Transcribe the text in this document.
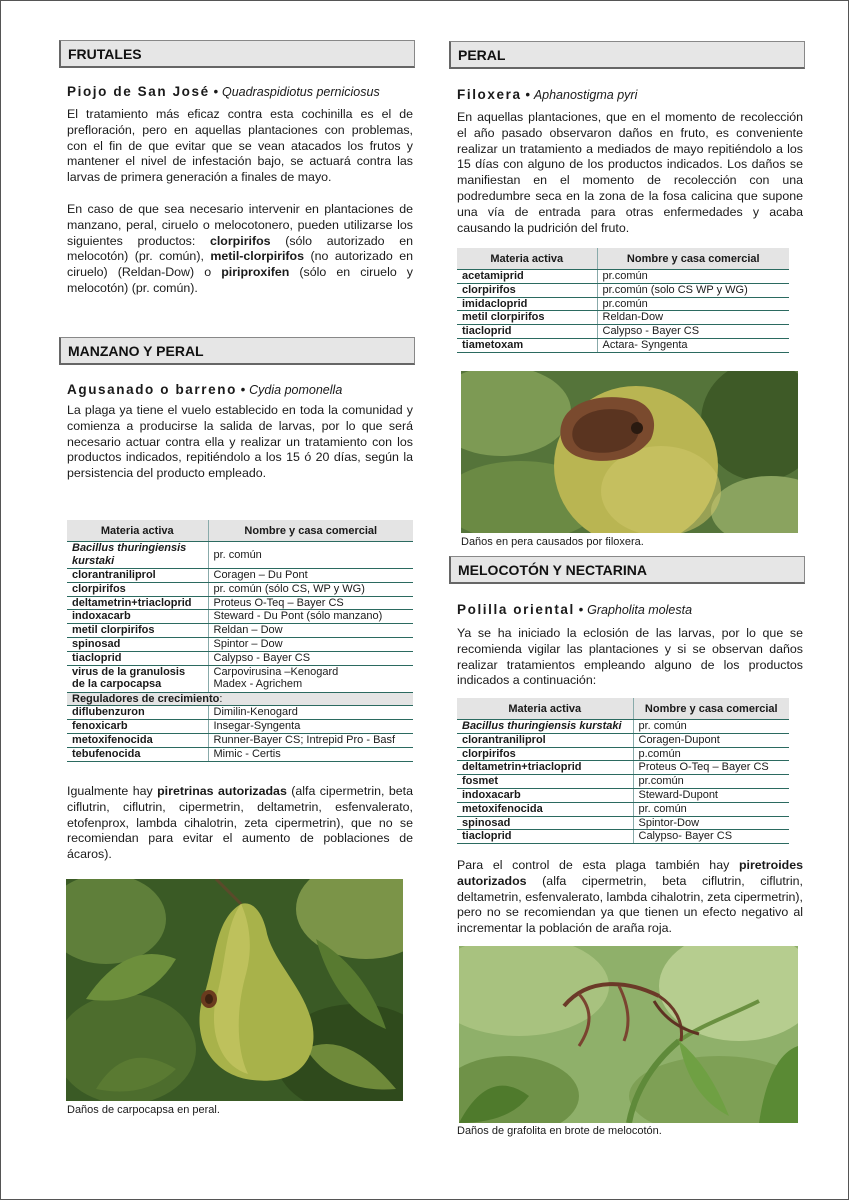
FRUTALES
Piojo de San José • Quadraspidiotus perniciosus

El tratamiento más eficaz contra esta cochinilla es el de prefloración, pero en aquellas plantaciones con problemas, con el fin de que evitar que se vean atacados los frutos y mantener el nivel de infestación bajo, se actuará contra las larvas de primera generación a finales de mayo.

En caso de que sea necesario intervenir en plantaciones de manzano, peral, ciruelo o melocotonero, pueden utilizarse los siguientes productos: clorpirifos (sólo autorizado en melocotón) (pr. común), metil-clorpirifos (no autorizado en ciruelo) (Reldan-Dow) o piriproxifen (sólo en ciruelo y melocotón) (pr. común).

MANZANO Y PERAL
Agusanado o barreno • Cydia pomonella

La plaga ya tiene el vuelo establecido en toda la comunidad y comienza a producirse la salida de larvas, por lo que será necesario actuar contra ella y realizar un tratamiento con los productos indicados, repitiéndolo a los 15 ó 20 días, según la persistencia del producto empleado.

Materia activa	Nombre y casa comercial
Bacillus thuringiensis
kurstaki	pr. común
clorantraniliprol	Coragen – Du Pont
clorpirifos	pr. común (sólo CS, WP y WG)
deltametrin+triacloprid	Proteus O-Teq – Bayer CS
indoxacarb	Steward - Du Pont (sólo manzano)
metil clorpirifos	Reldan – Dow
spinosad	Spintor – Dow
tiacloprid	Calypso - Bayer CS
virus de la granulosis
de la carpocapsa	Carpovirusina –Kenogard
Madex - Agrichem
Reguladores de crecimiento:	
diflubenzuron	Dimilin-Kenogard
fenoxicarb	Insegar-Syngenta
metoxifenocida	Runner-Bayer CS; Intrepid Pro - Basf
tebufenocida	Mimic - Certis

Igualmente hay piretrinas autorizadas (alfa cipermetrin, beta ciflutrin, ciflutrin, cipermetrin, deltametrin, esfenvalerato, etofenprox, lambda cihalotrin, zeta cipermetrin), que no se recomiendan para evitar el aumento de poblaciones de ácaros).

Daños de carpocapsa en peral.
PERAL
Filoxera • Aphanostigma pyri

En aquellas plantaciones, que en el momento de recolección el año pasado observaron daños en fruto, es conveniente realizar un tratamiento a mediados de mayo repitiéndolo a los 15 días con alguno de los productos indicados. Los daños se manifiestan en el momento de recolección con una podredumbre seca en la zona de la fosa calicina que supone una vía de entrada para otras enfermedades y acaba causando la pudrición del fruto.

Materia activa	Nombre y casa comercial
acetamiprid	pr.común
clorpirifos	pr.común (solo CS WP y WG)
imidacloprid	pr.común
metil clorpirifos	Reldan-Dow
tiacloprid	Calypso - Bayer CS
tiametoxam	Actara- Syngenta
MELOCOTÓN Y NECTARINA
Polilla oriental • Grapholita molesta

Ya se ha iniciado la eclosión de las larvas, por lo que se recomienda vigilar las plantaciones y si se observan daños realizar tratamientos empleando alguno de los productos indicados a continuación:

Materia activa	Nombre y casa comercial
Bacillus thuringiensis kurstaki	pr. común
clorantraniliprol	Coragen-Dupont
clorpirifos	p.común
deltametrin+triacloprid	Proteus O-Teq – Bayer CS
fosmet	pr.común
indoxacarb	Steward-Dupont
metoxifenocida	pr. común
spinosad	Spintor-Dow
tiacloprid	Calypso- Bayer CS

Para el control de esta plaga también hay piretroides autorizados (alfa cipermetrin, beta ciflutrin, ciflutrin, deltametrin, esfenvalerato, lambda cihalotrin, zeta cipermetrin), pero no se recomiendan ya que tienen un efecto negativo al incrementar la población de araña roja.

Daños en pera causados por filoxera.
Daños de grafolita en brote de melocotón.
